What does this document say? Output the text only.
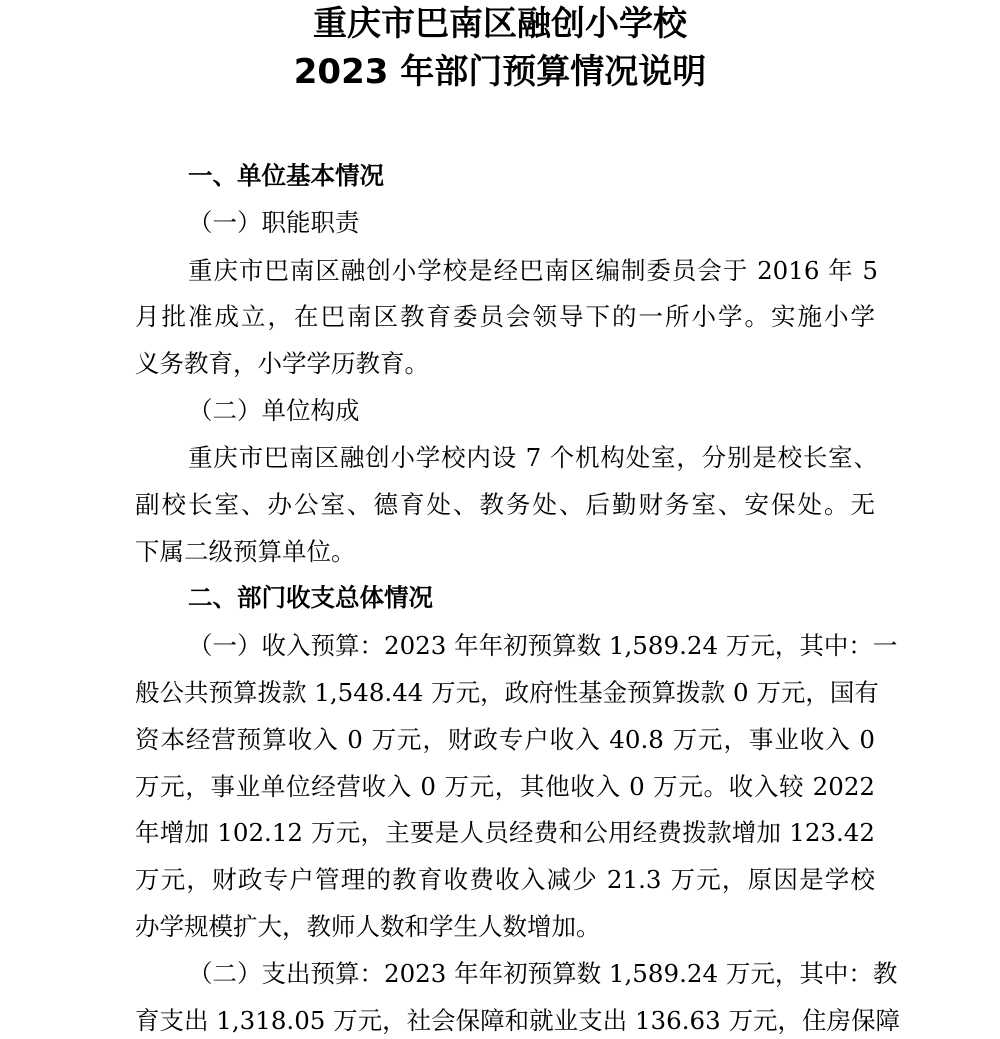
重庆市巴南区融创小学校
2023 年部门预算情况说明

一、单位基本情况

（一）职能职责

重庆市巴南区融创小学校是经巴南区编制委员会于 2016 年 5

月批准成立，在巴南区教育委员会领导下的一所小学。实施小学

义务教育，小学学历教育。

（二）单位构成

重庆市巴南区融创小学校内设 7 个机构处室，分别是校长室、

副校长室、办公室、德育处、教务处、后勤财务室、安保处。无

下属二级预算单位。

二、部门收支总体情况

（一）收入预算：2023 年年初预算数 1,589.24 万元，其中：一

般公共预算拨款 1,548.44 万元，政府性基金预算拨款 0 万元，国有

资本经营预算收入 0 万元，财政专户收入 40.8 万元，事业收入 0

万元，事业单位经营收入 0 万元，其他收入 0 万元。收入较 2022

年增加 102.12 万元，主要是人员经费和公用经费拨款增加 123.42

万元，财政专户管理的教育收费收入减少 21.3 万元，原因是学校

办学规模扩大，教师人数和学生人数增加。

（二）支出预算：2023 年年初预算数 1,589.24 万元，其中：教

育支出 1,318.05 万元，社会保障和就业支出 136.63 万元，住房保障
